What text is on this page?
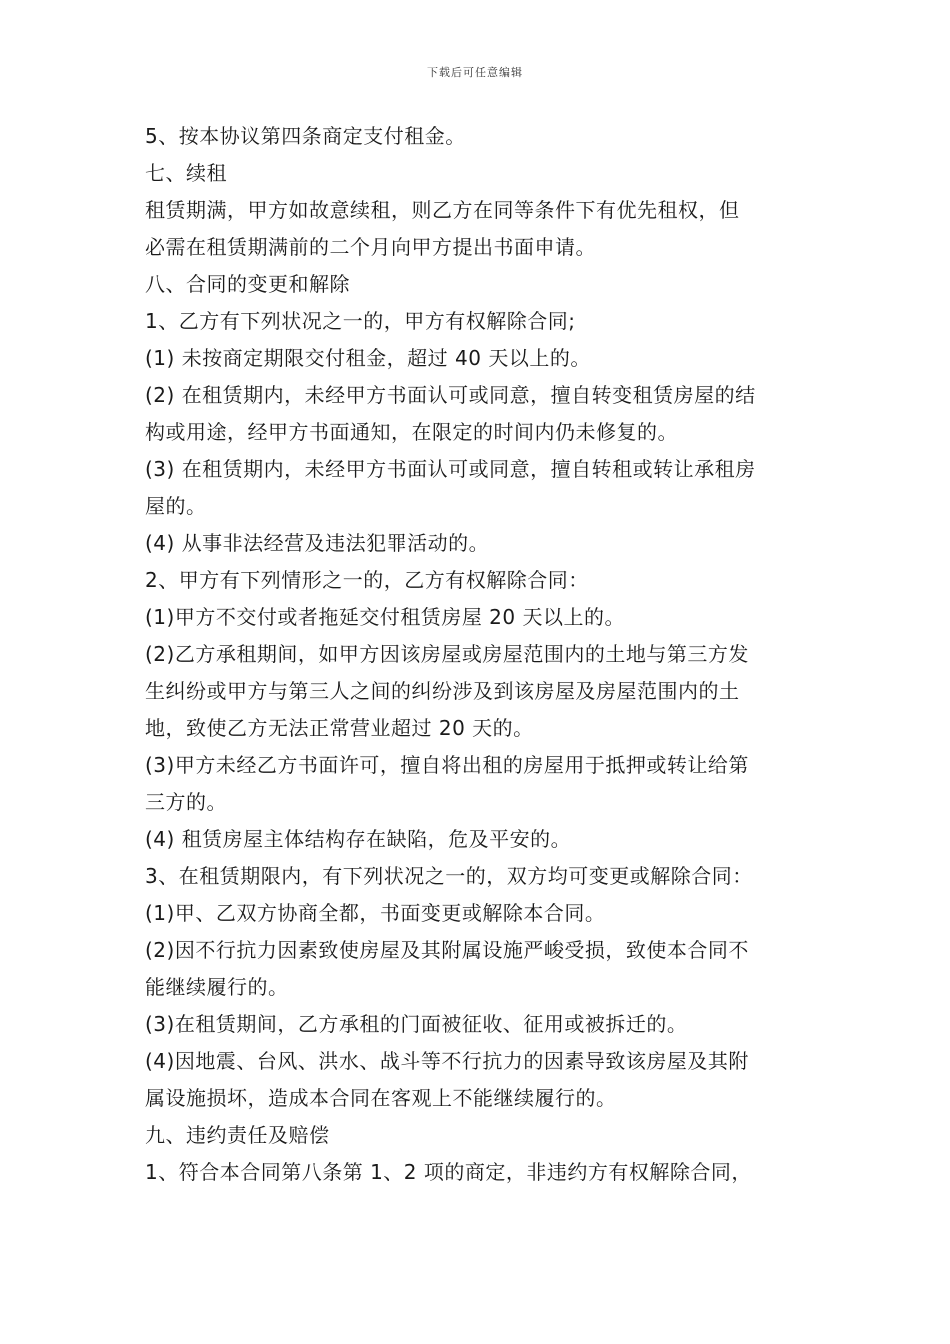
下载后可任意编辑
5、按本协议第四条商定支付租金。
七、续租
租赁期满，甲方如故意续租，则乙方在同等条件下有优先租权，但
必需在租赁期满前的二个月向甲方提出书面申请。
八、合同的变更和解除
1、乙方有下列状况之一的，甲方有权解除合同;
(1) 未按商定期限交付租金，超过 40 天以上的。
(2) 在租赁期内，未经甲方书面认可或同意，擅自转变租赁房屋的结
构或用途，经甲方书面通知，在限定的时间内仍未修复的。
(3) 在租赁期内，未经甲方书面认可或同意，擅自转租或转让承租房
屋的。
(4) 从事非法经营及违法犯罪活动的。
2、甲方有下列情形之一的，乙方有权解除合同：
(1)甲方不交付或者拖延交付租赁房屋 20 天以上的。
(2)乙方承租期间，如甲方因该房屋或房屋范围内的土地与第三方发
生纠纷或甲方与第三人之间的纠纷涉及到该房屋及房屋范围内的土
地，致使乙方无法正常营业超过 20 天的。
(3)甲方未经乙方书面许可，擅自将出租的房屋用于抵押或转让给第
三方的。
(4) 租赁房屋主体结构存在缺陷，危及平安的。
3、在租赁期限内，有下列状况之一的，双方均可变更或解除合同：
(1)甲、乙双方协商全都，书面变更或解除本合同。
(2)因不行抗力因素致使房屋及其附属设施严峻受损，致使本合同不
能继续履行的。
(3)在租赁期间，乙方承租的门面被征收、征用或被拆迁的。
(4)因地震、台风、洪水、战斗等不行抗力的因素导致该房屋及其附
属设施损坏，造成本合同在客观上不能继续履行的。
九、违约责任及赔偿
1、符合本合同第八条第 1、2 项的商定，非违约方有权解除合同，
